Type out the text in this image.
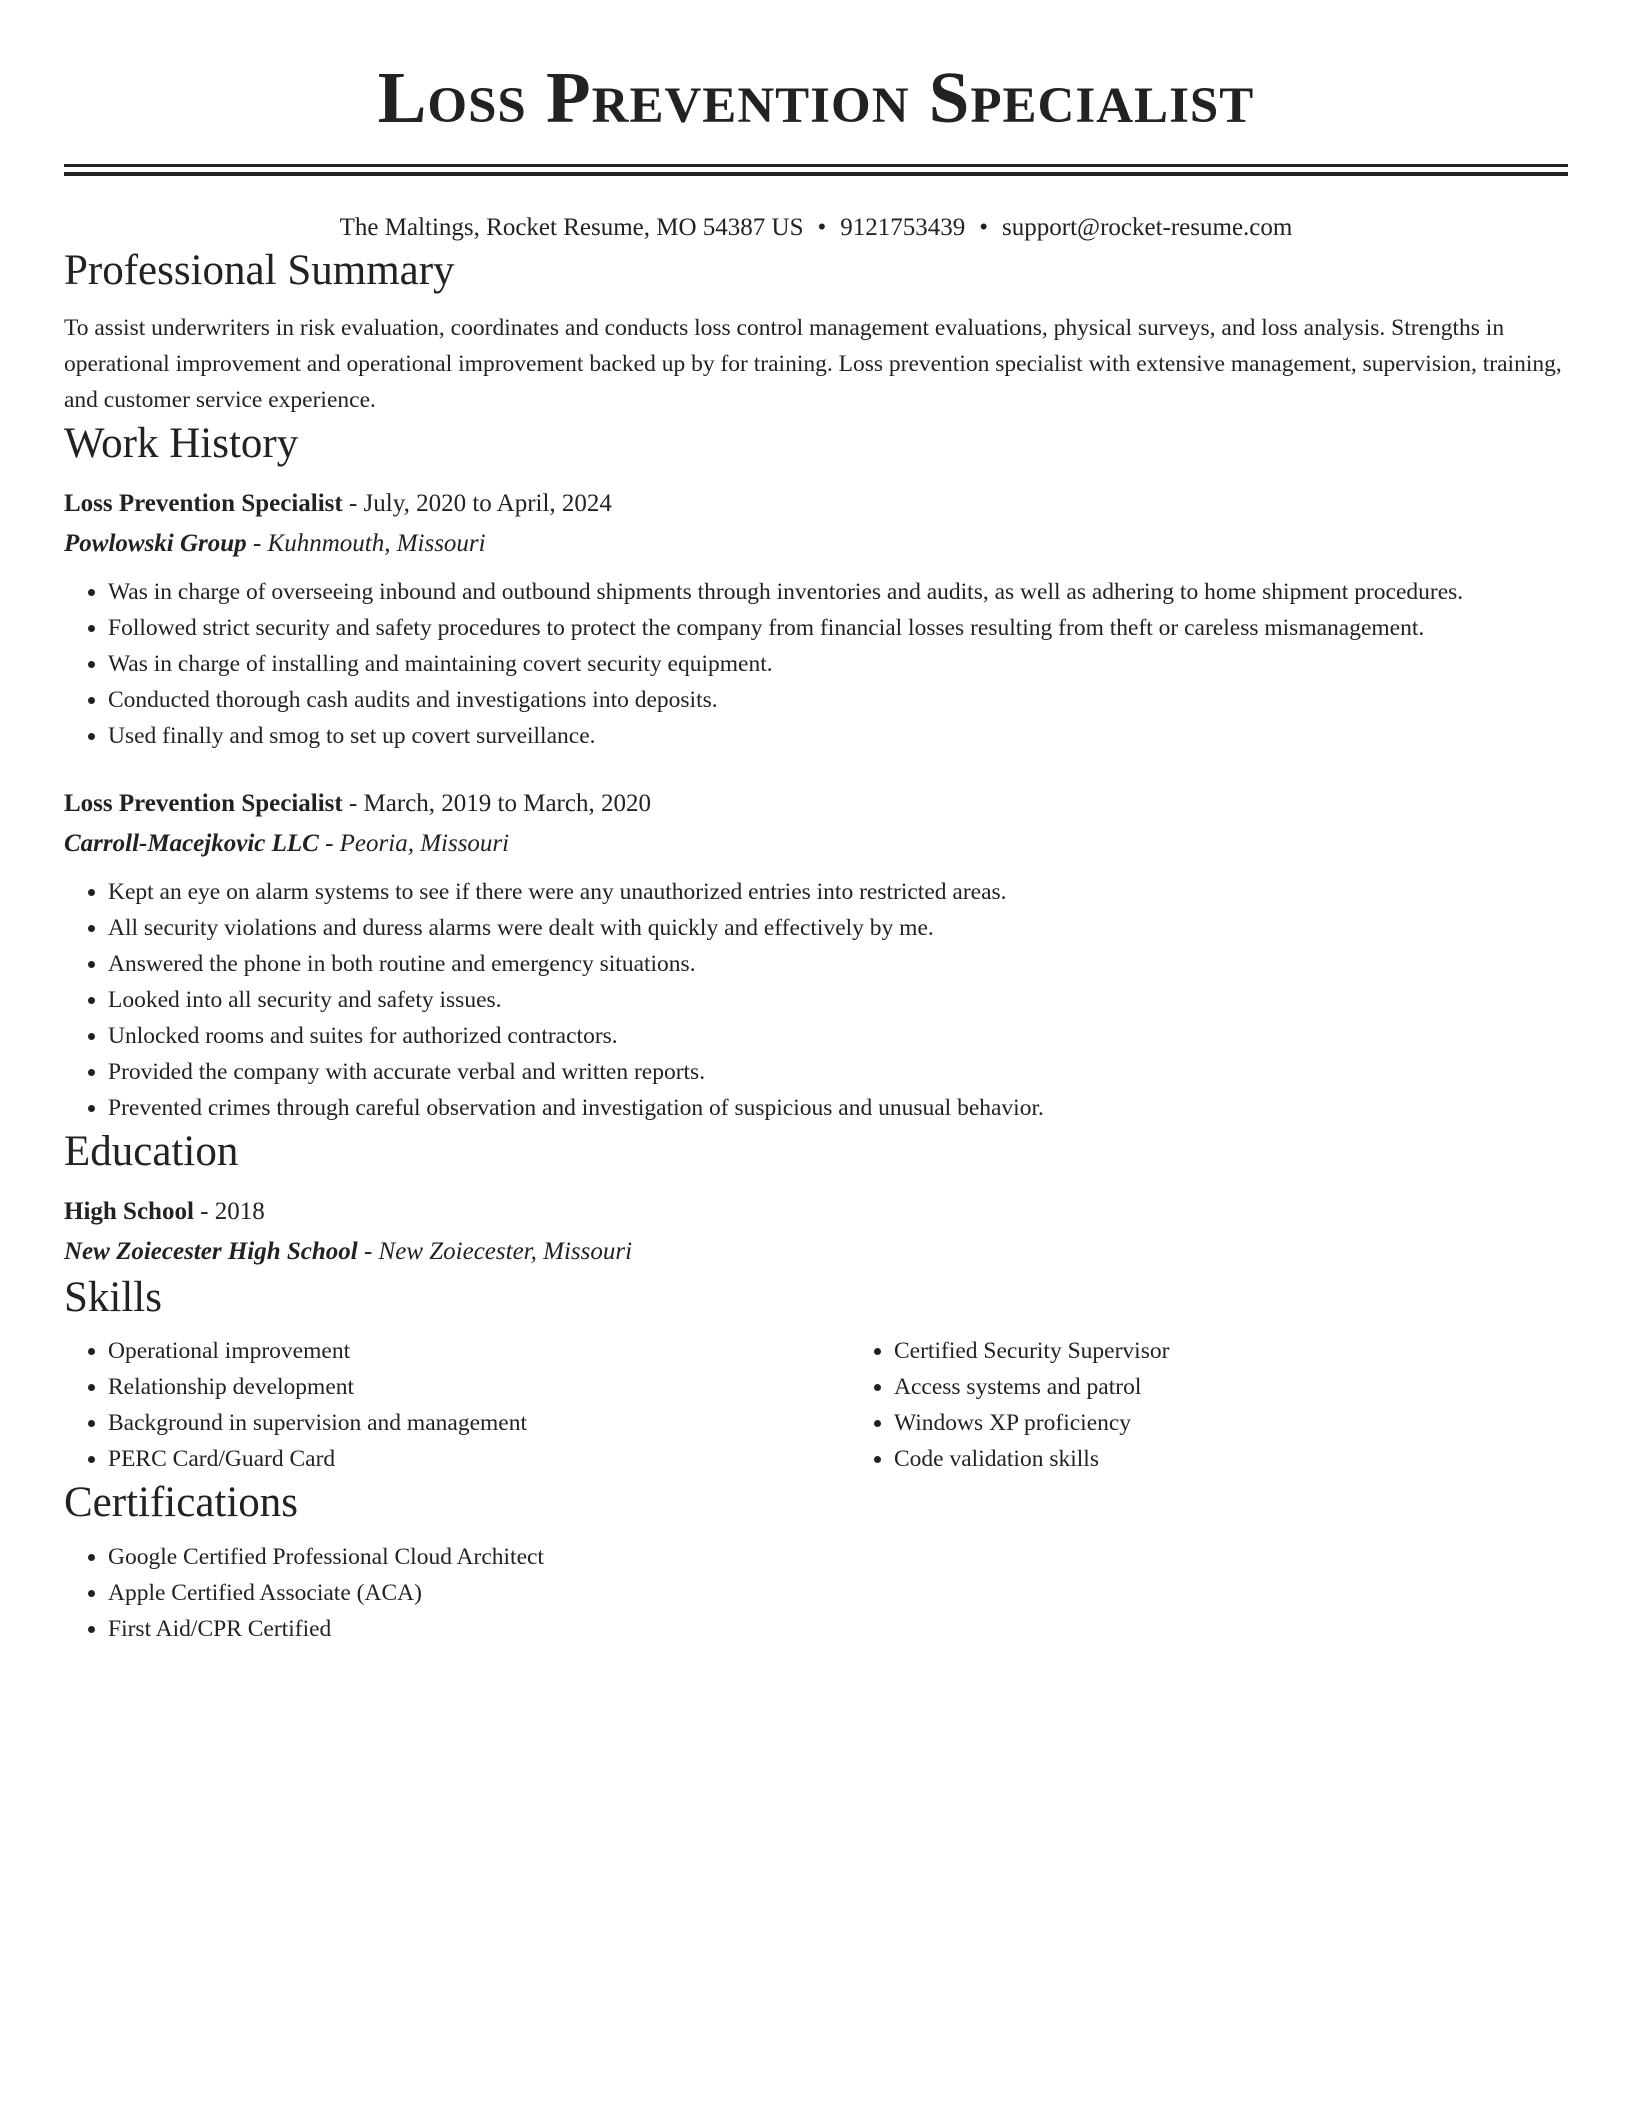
Loss Prevention Specialist
The Maltings, Rocket Resume, MO 54387 US • 9121753439 • support@rocket-resume.com
Professional Summary

To assist underwriters in risk evaluation, coordinates and conducts loss control management evaluations, physical surveys, and loss analysis. Strengths in operational improvement and operational improvement backed up by for training. Loss prevention specialist with extensive management, supervision, training, and customer service experience.

Work History
Loss Prevention Specialist - July, 2020 to April, 2024
Powlowski Group - Kuhnmouth, Missouri
• Was in charge of overseeing inbound and outbound shipments through inventories and audits, as well as adhering to home shipment procedures.
• Followed strict security and safety procedures to protect the company from financial losses resulting from theft or careless mismanagement.
• Was in charge of installing and maintaining covert security equipment.
• Conducted thorough cash audits and investigations into deposits.
• Used finally and smog to set up covert surveillance.
Loss Prevention Specialist - March, 2019 to March, 2020
Carroll-Macejkovic LLC - Peoria, Missouri
• Kept an eye on alarm systems to see if there were any unauthorized entries into restricted areas.
• All security violations and duress alarms were dealt with quickly and effectively by me.
• Answered the phone in both routine and emergency situations.
• Looked into all security and safety issues.
• Unlocked rooms and suites for authorized contractors.
• Provided the company with accurate verbal and written reports.
• Prevented crimes through careful observation and investigation of suspicious and unusual behavior.
Education
High School - 2018
New Zoiecester High School - New Zoiecester, Missouri
Skills
• Operational improvement
• Relationship development
• Background in supervision and management
• PERC Card/Guard Card
• Certified Security Supervisor
• Access systems and patrol
• Windows XP proficiency
• Code validation skills
Certifications
• Google Certified Professional Cloud Architect
• Apple Certified Associate (ACA)
• First Aid/CPR Certified
